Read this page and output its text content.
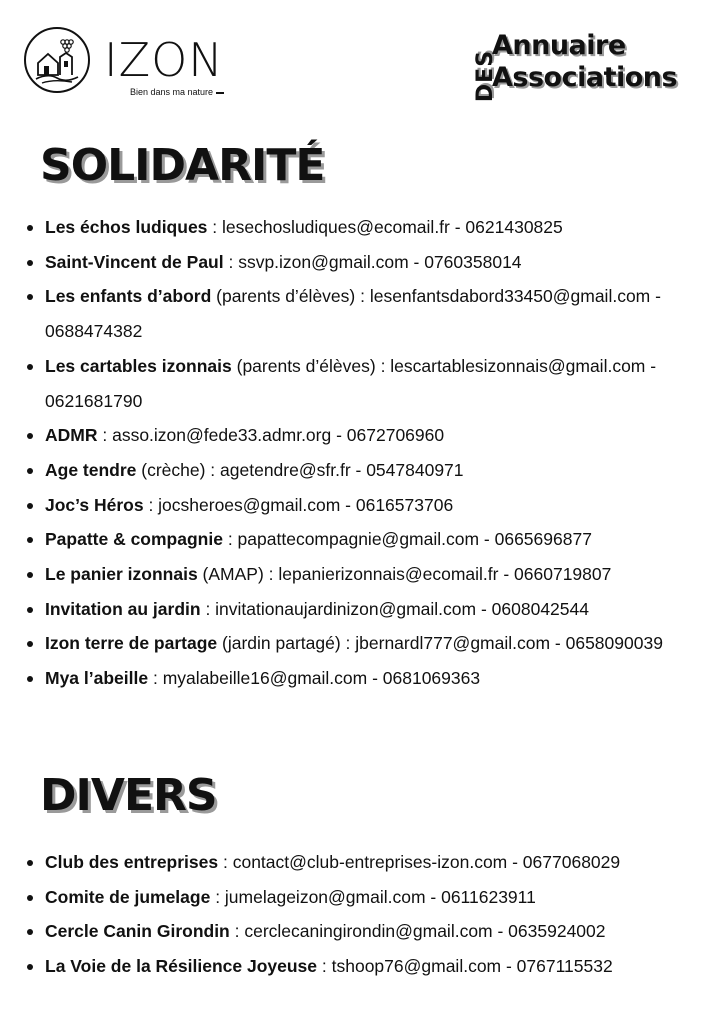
IZON
Bien dans ma nature	DES
Annuaire
Associations
SOLIDARITÉ
Les échos ludiques : lesechosludiques@ecomail.fr - 0621430825
Saint-Vincent de Paul : ssvp.izon@gmail.com - 0760358014
Les enfants d’abord (parents d’élèves) : lesenfantsdabord33450@gmail.com - 0688474382
Les cartables izonnais (parents d’élèves) : lescartablesizonnais@gmail.com - 0621681790
ADMR : asso.izon@fede33.admr.org - 0672706960
Age tendre (crèche) : agetendre@sfr.fr - 0547840971
Joc’s Héros : jocsheroes@gmail.com - 0616573706
Papatte & compagnie : papattecompagnie@gmail.com - 0665696877
Le panier izonnais (AMAP) : lepanierizonnais@ecomail.fr - 0660719807
Invitation au jardin : invitationaujardinizon@gmail.com - 0608042544
Izon terre de partage (jardin partagé) : jbernardl777@gmail.com - 0658090039
Mya l’abeille : myalabeille16@gmail.com - 0681069363
DIVERS
Club des entreprises : contact@club-entreprises-izon.com - 0677068029
Comite de jumelage : jumelageizon@gmail.com - 0611623911
Cercle Canin Girondin : cerclecaningirondin@gmail.com - 0635924002
La Voie de la Résilience Joyeuse : tshoop76@gmail.com - 0767115532
